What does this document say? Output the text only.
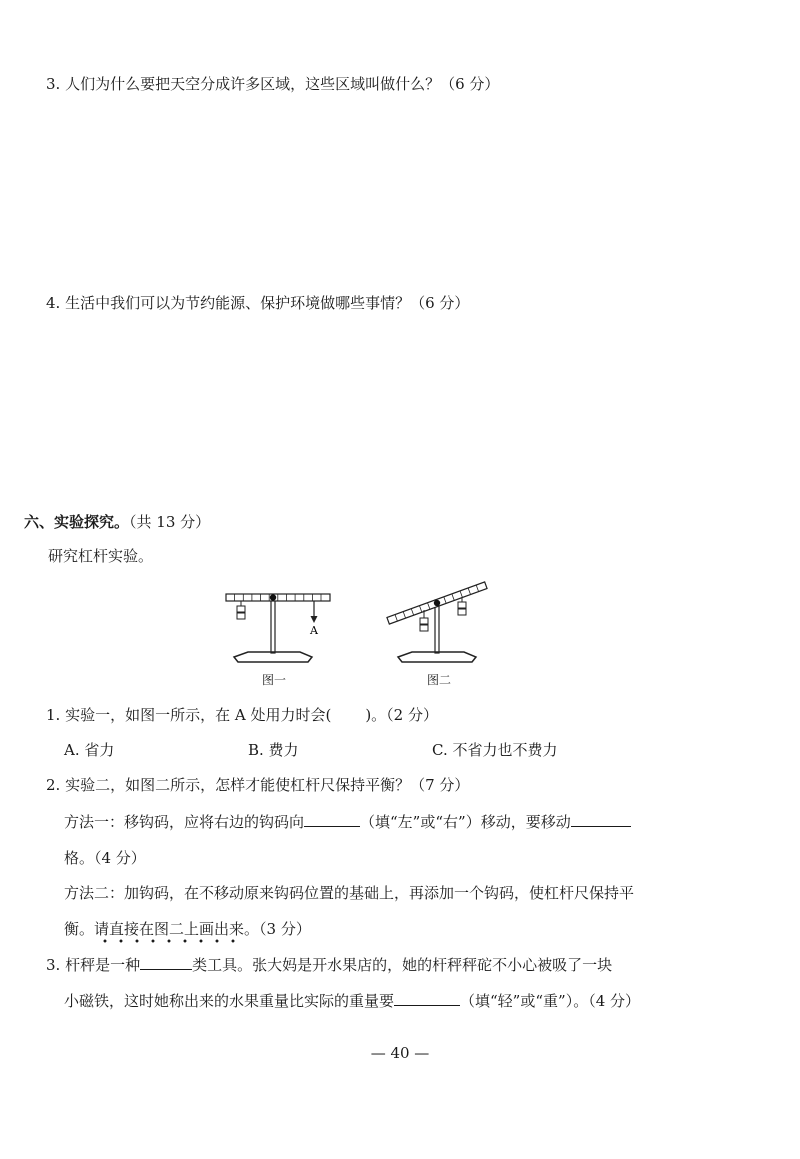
3. 人们为什么要把天空分成许多区域，这些区域叫做什么？（6 分）
4. 生活中我们可以为节约能源、保护环境做哪些事情？（6 分）
六、实验探究。（共 13 分）
研究杠杆实验。
A
图一	图二
1. 实验一，如图一所示，在 A 处用力时会( )。（2 分）
A. 省力	B. 费力	C. 不省力也不费力
2. 实验二，如图二所示，怎样才能使杠杆尺保持平衡？（7 分）
方法一：移钩码，应将右边的钩码向	（填“左”或“右”）移动，要移动
格。（4 分）
方法二：加钩码，在不移动原来钩码位置的基础上，再添加一个钩码，使杠杆尺保持平
衡。请直接在图二上画出来。（3 分）
3. 杆秤是一种	类工具。张大妈是开水果店的，她的杆秤秤砣不小心被吸了一块
小磁铁，这时她称出来的水果重量比实际的重量要	（填“轻”或“重”）。（4 分）
— 40 —
